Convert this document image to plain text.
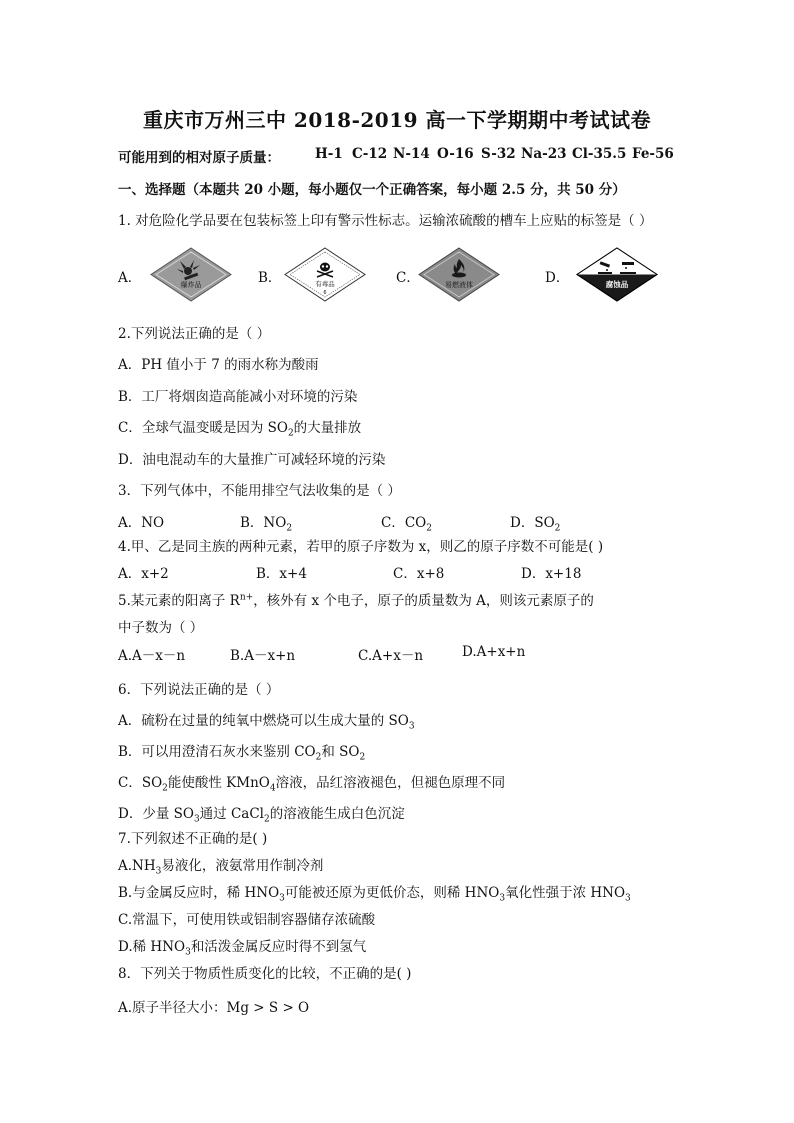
重庆市万州三中 2018-2019 高一下学期期中考试试卷
可能用到的相对原子质量：	H-1 C-12 N-14 O-16 S-32 Na-23 Cl-35.5 Fe-56
一、选择题（本题共 20 小题，每小题仅一个正确答案，每小题 2.5 分，共 50 分）
1. 对危险化学品要在包装标签上印有警示性标志。运输浓硫酸的槽车上应贴的标签是（ ）
A．	爆炸品	B．	有毒品
6
C．	易燃液体	D．	腐蚀品
2.下列说法正确的是（ ）
A．PH 值小于 7 的雨水称为酸雨
B．工厂将烟囱造高能减小对环境的污染
C．全球气温变暖是因为 $SO_2$的大量排放
D．油电混动车的大量推广可减轻环境的污染
3．下列气体中，不能用排空气法收集的是（ ）
A．NO	B．$NO_2$	C．$CO_2$	D．$SO_2$
4.甲、乙是同主族的两种元素，若甲的原子序数为 x，则乙的原子序数不可能是( )
A．x+2	B．x+4	C．x+8	D．x+18
5.某元素的阳离子 $R^{n+}$，核外有 x 个电子，原子的质量数为 A，则该元素原子的
中子数为（ ）
A.A－x－n	B.A－x+n	C.A+x－n	D.A+x+n
6．下列说法正确的是（ ）
A．硫粉在过量的纯氧中燃烧可以生成大量的 $SO_3$
B．可以用澄清石灰水来鉴别 $CO_2$和 $SO_2$
C．$SO_2$能使酸性 KMnO$_4$溶液，品红溶液褪色，但褪色原理不同
D．少量 $SO_3$通过 CaCl$_2$的溶液能生成白色沉淀
7.下列叙述不正确的是( )
$A.NH_3$易液化，液氨常用作制冷剂
B.与金属反应时，稀 $HNO_3$可能被还原为更低价态，则稀 $HNO_3$氧化性强于浓 $HNO_3$
C.常温下，可使用铁或铝制容器储存浓硫酸
D.稀 $HNO_3$和活泼金属反应时得不到氢气
8．下列关于物质性质变化的比较，不正确的是( )
A.原子半径大小：Mg > S > O
